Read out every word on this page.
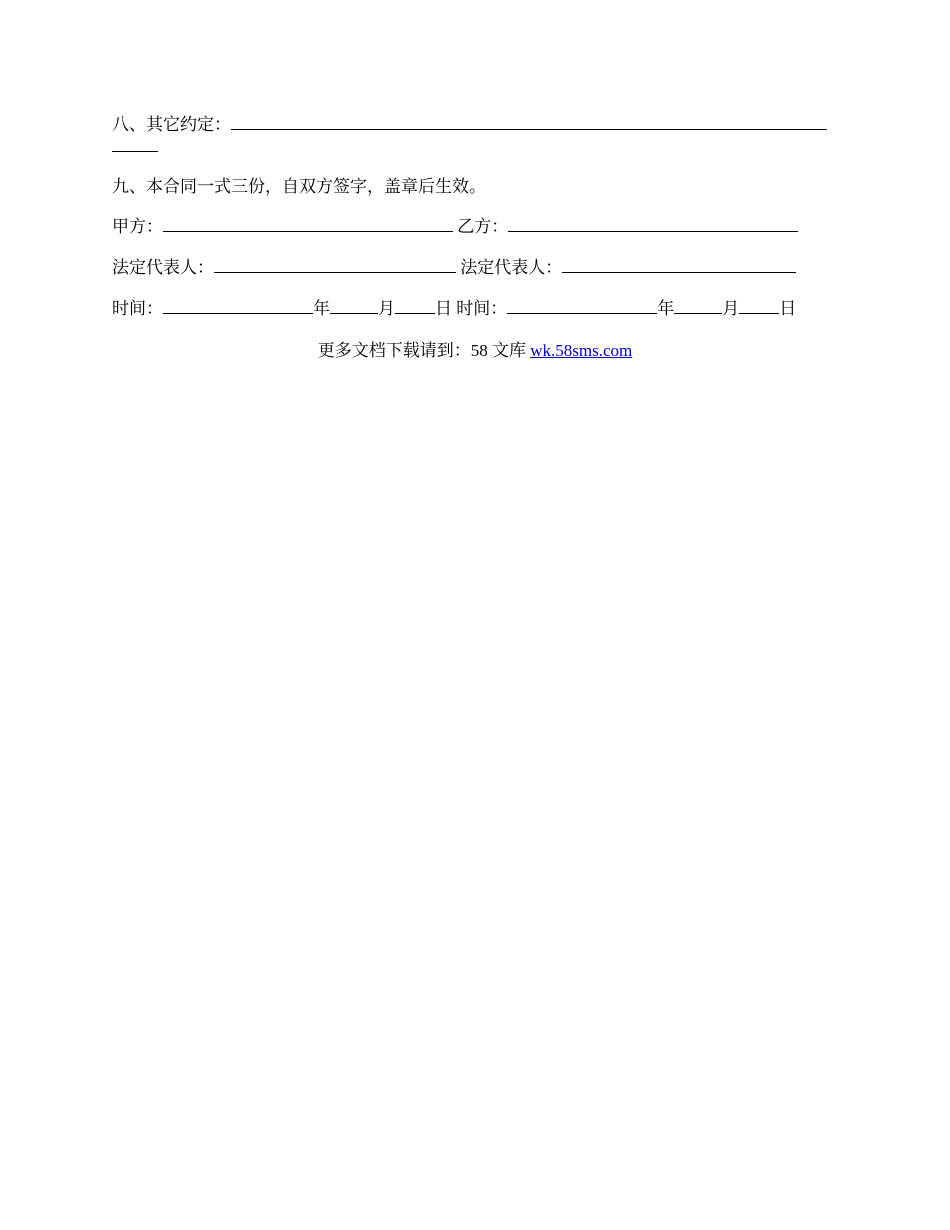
八、其它约定：
九、本合同一式三份，自双方签字，盖章后生效。
甲方：	乙方：
法定代表人：	法定代表人：
时间：	年	月 日 时间：	年	月 日
更多文档下载请到：58 文库 wk.58sms.com
